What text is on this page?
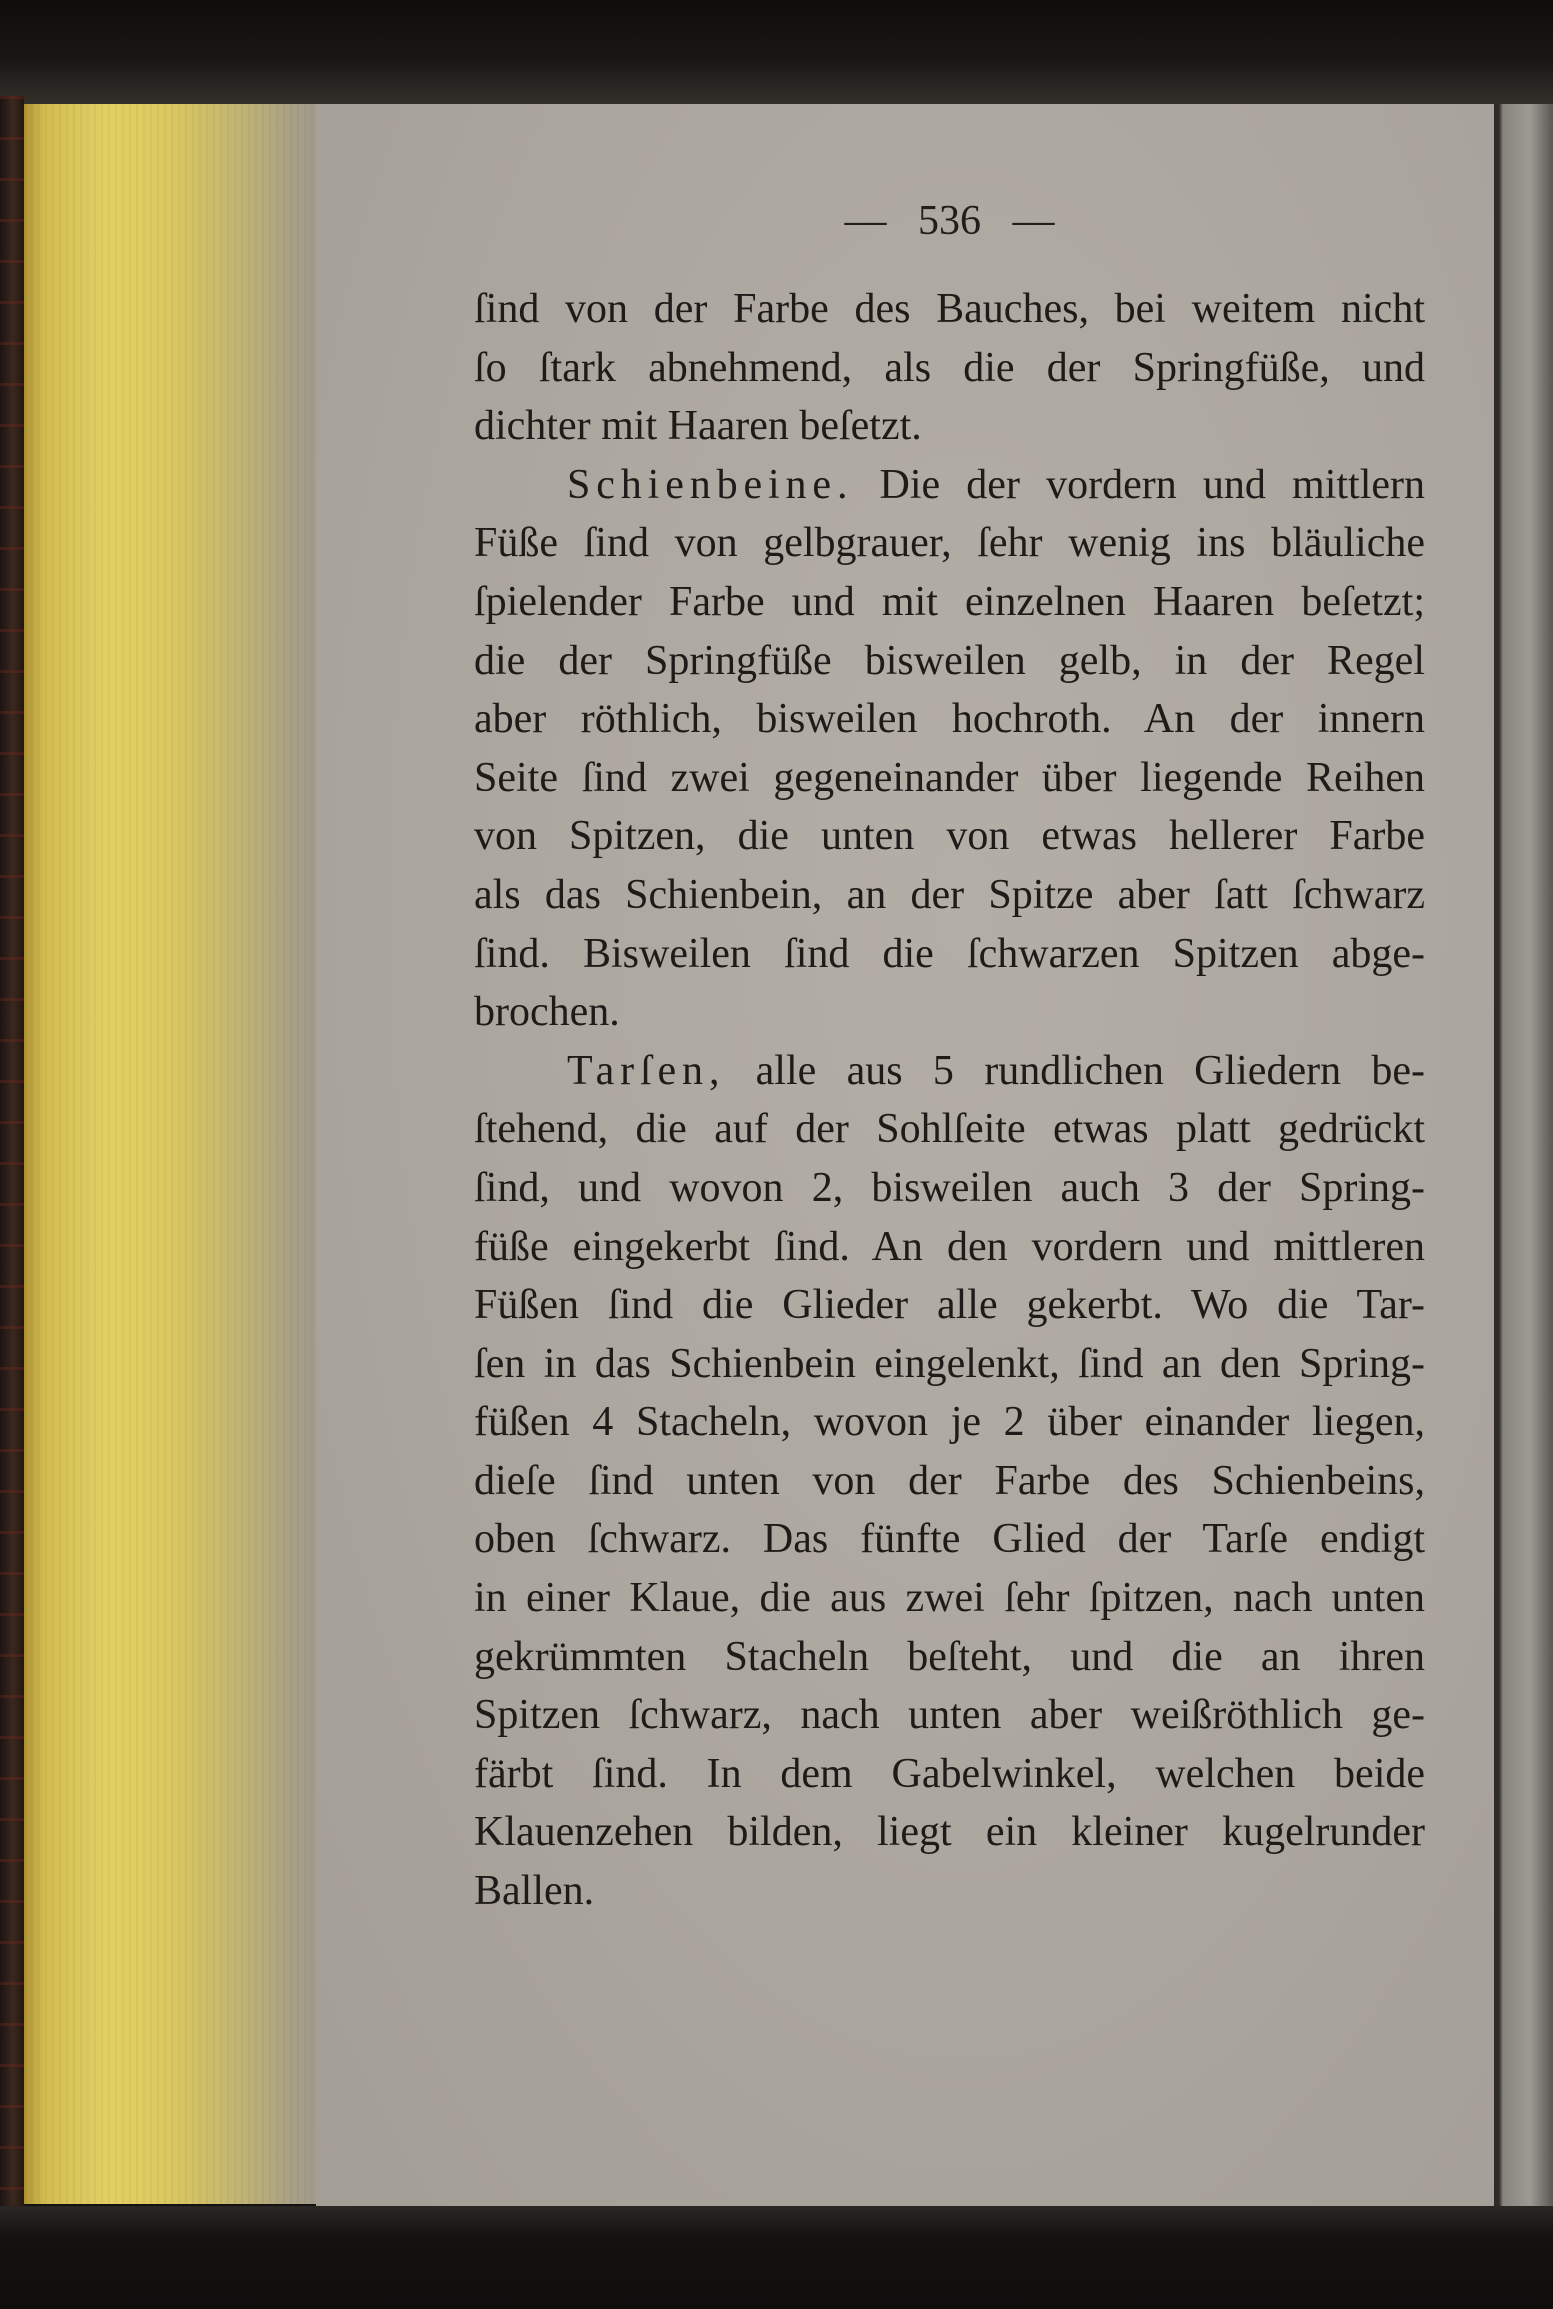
— 536 —
ſind von der Farbe des Bauches, bei weitem nicht
ſo ſtark abnehmend, als die der Springfüße, und
dichter mit Haaren beſetzt.
Schienbeine. Die der vordern und mittlern
Füße ſind von gelbgrauer, ſehr wenig ins bläuliche
ſpielender Farbe und mit einzelnen Haaren beſetzt;
die der Springfüße bisweilen gelb, in der Regel
aber röthlich, bisweilen hochroth. An der innern
Seite ſind zwei gegeneinander über liegende Reihen
von Spitzen, die unten von etwas hellerer Farbe
als das Schienbein, an der Spitze aber ſatt ſchwarz
ſind. Bisweilen ſind die ſchwarzen Spitzen abge-
brochen.
Tarſen, alle aus 5 rundlichen Gliedern be-
ſtehend, die auf der Sohlſeite etwas platt gedrückt
ſind, und wovon 2, bisweilen auch 3 der Spring-
füße eingekerbt ſind. An den vordern und mittleren
Füßen ſind die Glieder alle gekerbt. Wo die Tar-
ſen in das Schienbein eingelenkt, ſind an den Spring-
füßen 4 Stacheln, wovon je 2 über einander liegen,
dieſe ſind unten von der Farbe des Schienbeins,
oben ſchwarz. Das fünfte Glied der Tarſe endigt
in einer Klaue, die aus zwei ſehr ſpitzen, nach unten
gekrümmten Stacheln beſteht, und die an ihren
Spitzen ſchwarz, nach unten aber weißröthlich ge-
färbt ſind. In dem Gabelwinkel, welchen beide
Klauenzehen bilden, liegt ein kleiner kugelrunder
Ballen.
